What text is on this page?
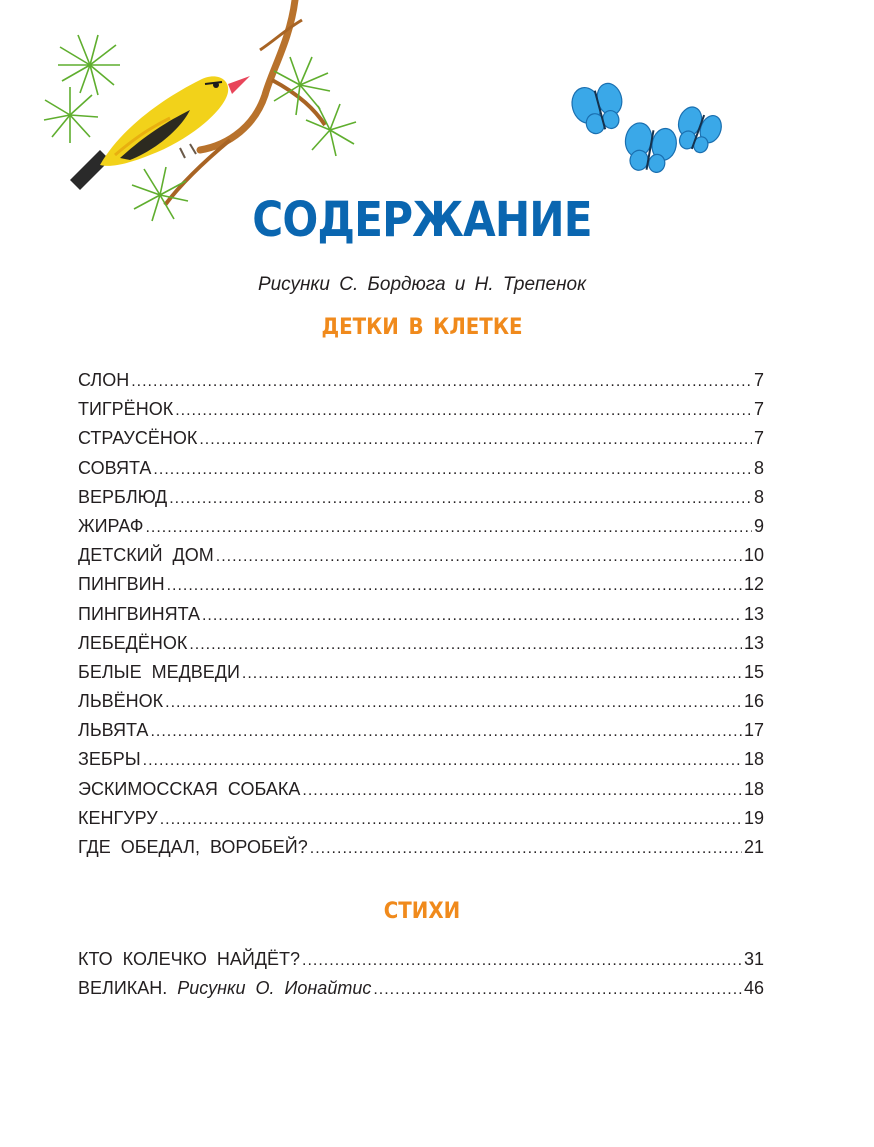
СОДЕРЖАНИЕ
Рисунки С. Бордюга и Н. Трепенок
ДЕТКИ В КЛЕТКЕ
СЛОН .....	7
ТИГРЁНОК .....	7
СТРАУСЁНОК .....	7
СОВЯТА .....	8
ВЕРБЛЮД .....	8
ЖИРАФ .....	9
ДЕТСКИЙ ДОМ .....	10
ПИНГВИН .....	12
ПИНГВИНЯТА .....	13
ЛЕБЕДЁНОК .....	13
БЕЛЫЕ МЕДВЕДИ .....	15
ЛЬВЁНОК .....	16
ЛЬВЯТА .....	17
ЗЕБРЫ .....	18
ЭСКИМОССКАЯ СОБАКА .....	18
КЕНГУРУ .....	19
ГДЕ ОБЕДАЛ, ВОРОБЕЙ? .....	21
СТИХИ
КТО КОЛЕЧКО НАЙДЁТ? .....	31
ВЕЛИКАН. Рисунки О. Ионайтис .....	46
